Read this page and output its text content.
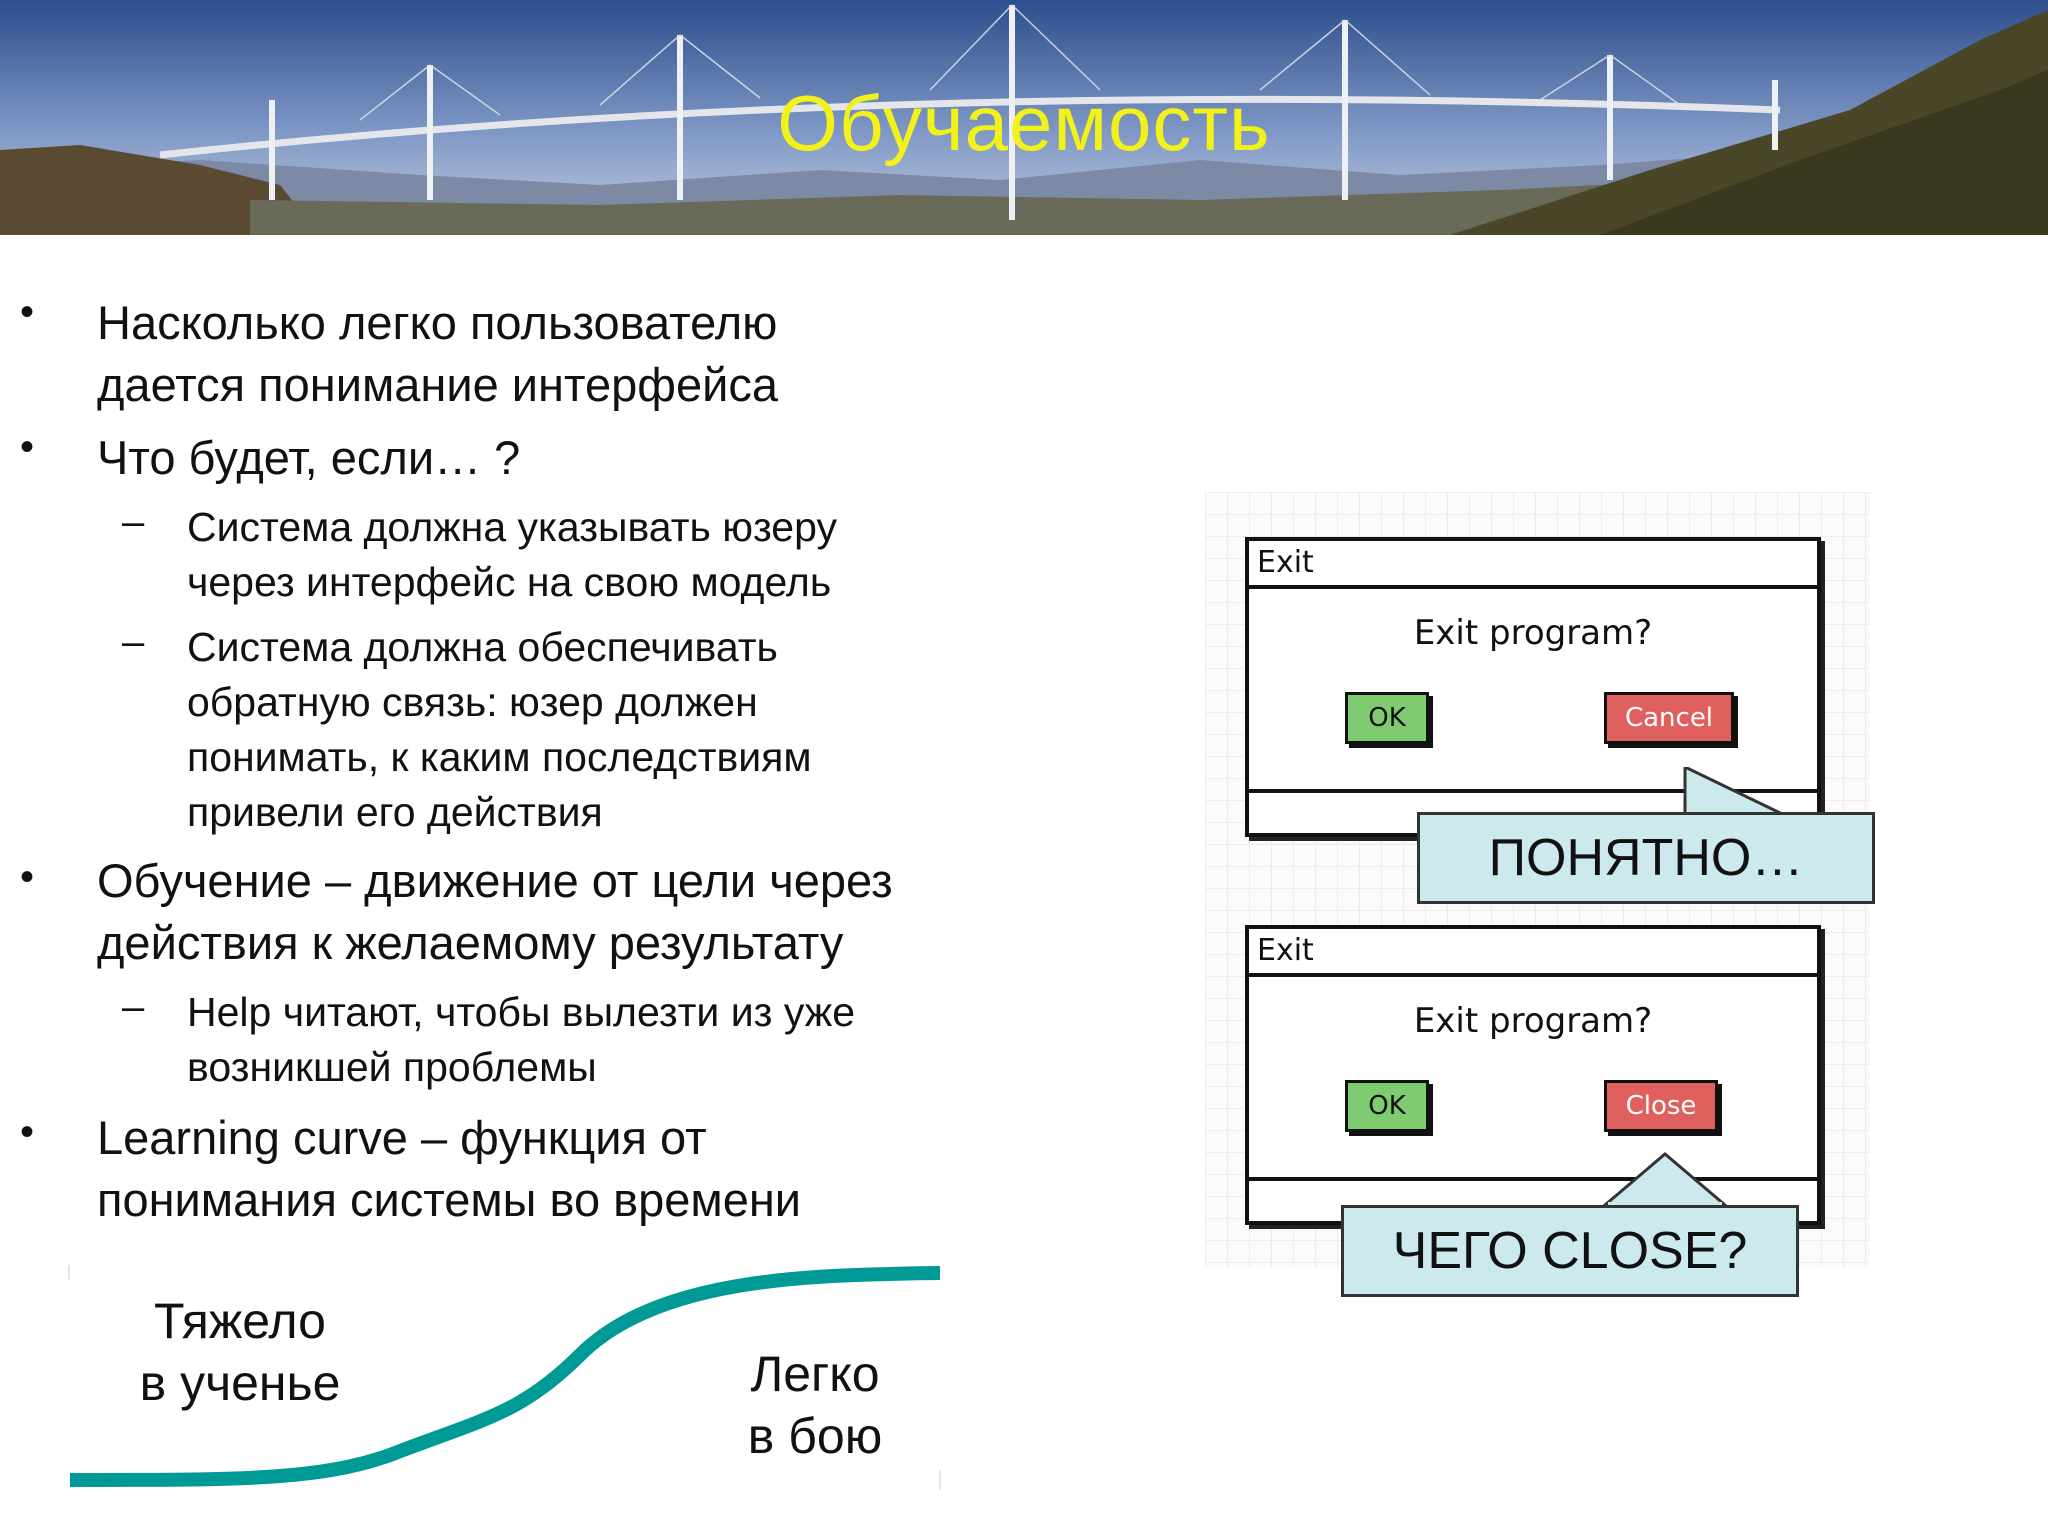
Обучаемость
• Насколько легко пользователю
дается понимание интерфейса
• Что будет, если… ?
– Система должна указывать юзеру
через интерфейс на свою модель
– Система должна обеспечивать
обратную связь: юзер должен
понимать, к каким последствиям
привели его действия
• Обучение – движение от цели через
действия к желаемому результату
– Help читают, чтобы вылезти из уже
возникшей проблемы
• Learning curve – функция от
понимания системы во времени
Тяжело
в ученье	Легко
в бою
Exit
Exit program?
OK	Cancel
ПОНЯТНО…
Exit
Exit program?
OK	Close
ЧЕГО CLOSE?
